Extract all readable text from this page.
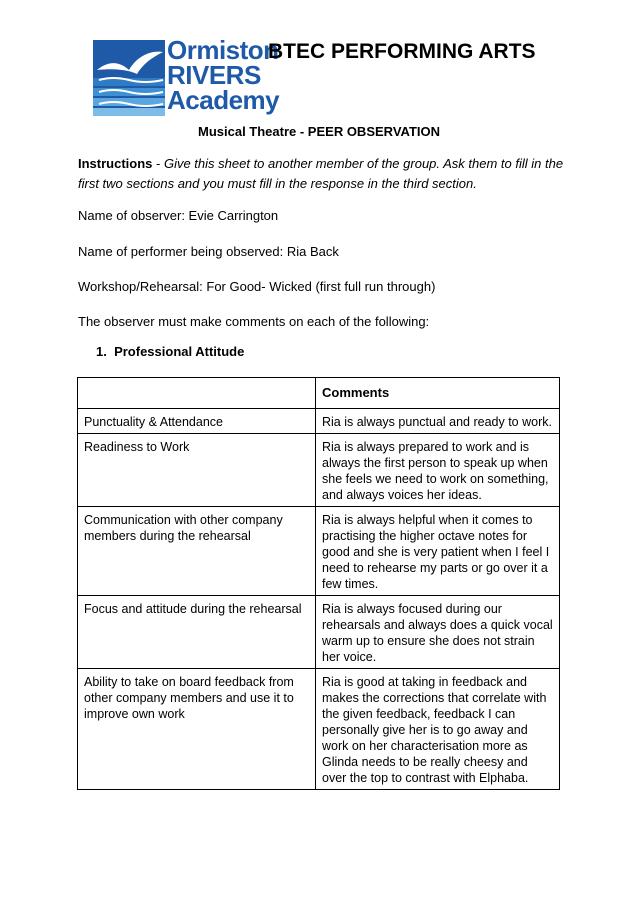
Ormiston
RIVERS
Academy
BTEC PERFORMING ARTS
Musical Theatre - PEER OBSERVATION
Instructions - Give this sheet to another member of the group. Ask them to fill in the first two sections and you must fill in the response in the third section.
Name of observer: Evie Carrington
Name of performer being observed: Ria Back
Workshop/Rehearsal: For Good- Wicked (first full run through)
The observer must make comments on each of the following:
1. Professional Attitude
	Comments
Punctuality & Attendance	Ria is always punctual and ready to work.
Readiness to Work	Ria is always prepared to work and is always the first person to speak up when she feels we need to work on something, and always voices her ideas.
Communication with other company members during the rehearsal	Ria is always helpful when it comes to practising the higher octave notes for good and she is very patient when I feel I need to rehearse my parts or go over it a few times.
Focus and attitude during the rehearsal	Ria is always focused during our rehearsals and always does a quick vocal warm up to ensure she does not strain her voice.
Ability to take on board feedback from other company members and use it to improve own work	Ria is good at taking in feedback and makes the corrections that correlate with the given feedback, feedback I can personally give her is to go away and work on her characterisation more as Glinda needs to be really cheesy and over the top to contrast with Elphaba.
